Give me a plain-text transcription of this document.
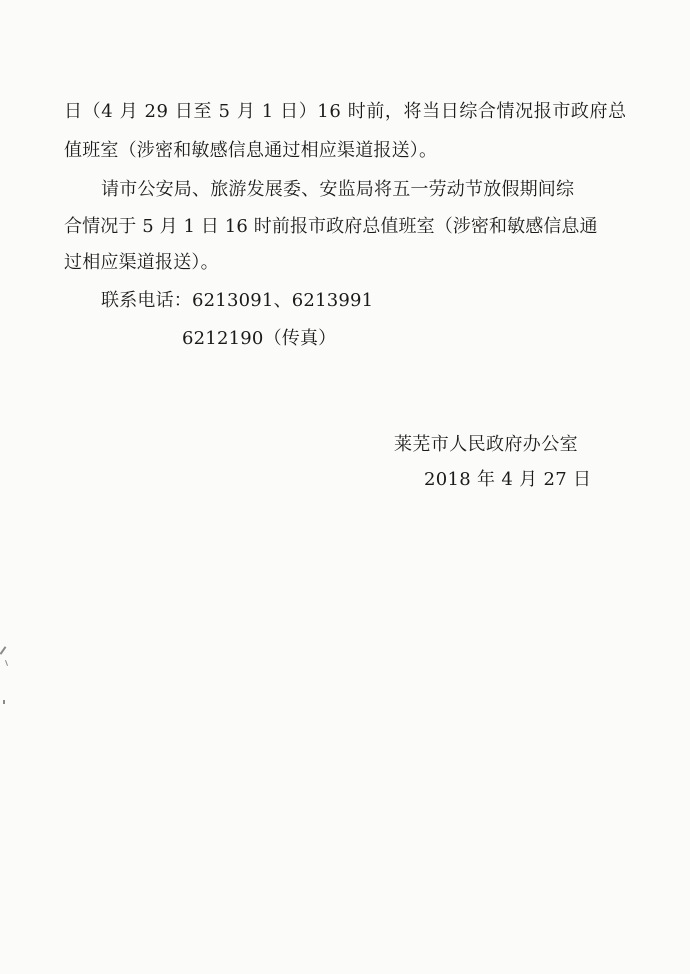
日（4 月 29 日至 5 月 1 日）16 时前，将当日综合情况报市政府总
值班室（涉密和敏感信息通过相应渠道报送）。
请市公安局、旅游发展委、安监局将五一劳动节放假期间综
合情况于 5 月 1 日 16 时前报市政府总值班室（涉密和敏感信息通
过相应渠道报送）。
联系电话：6213091、6213991
6212190（传真）
莱芜市人民政府办公室
2018 年 4 月 27 日
